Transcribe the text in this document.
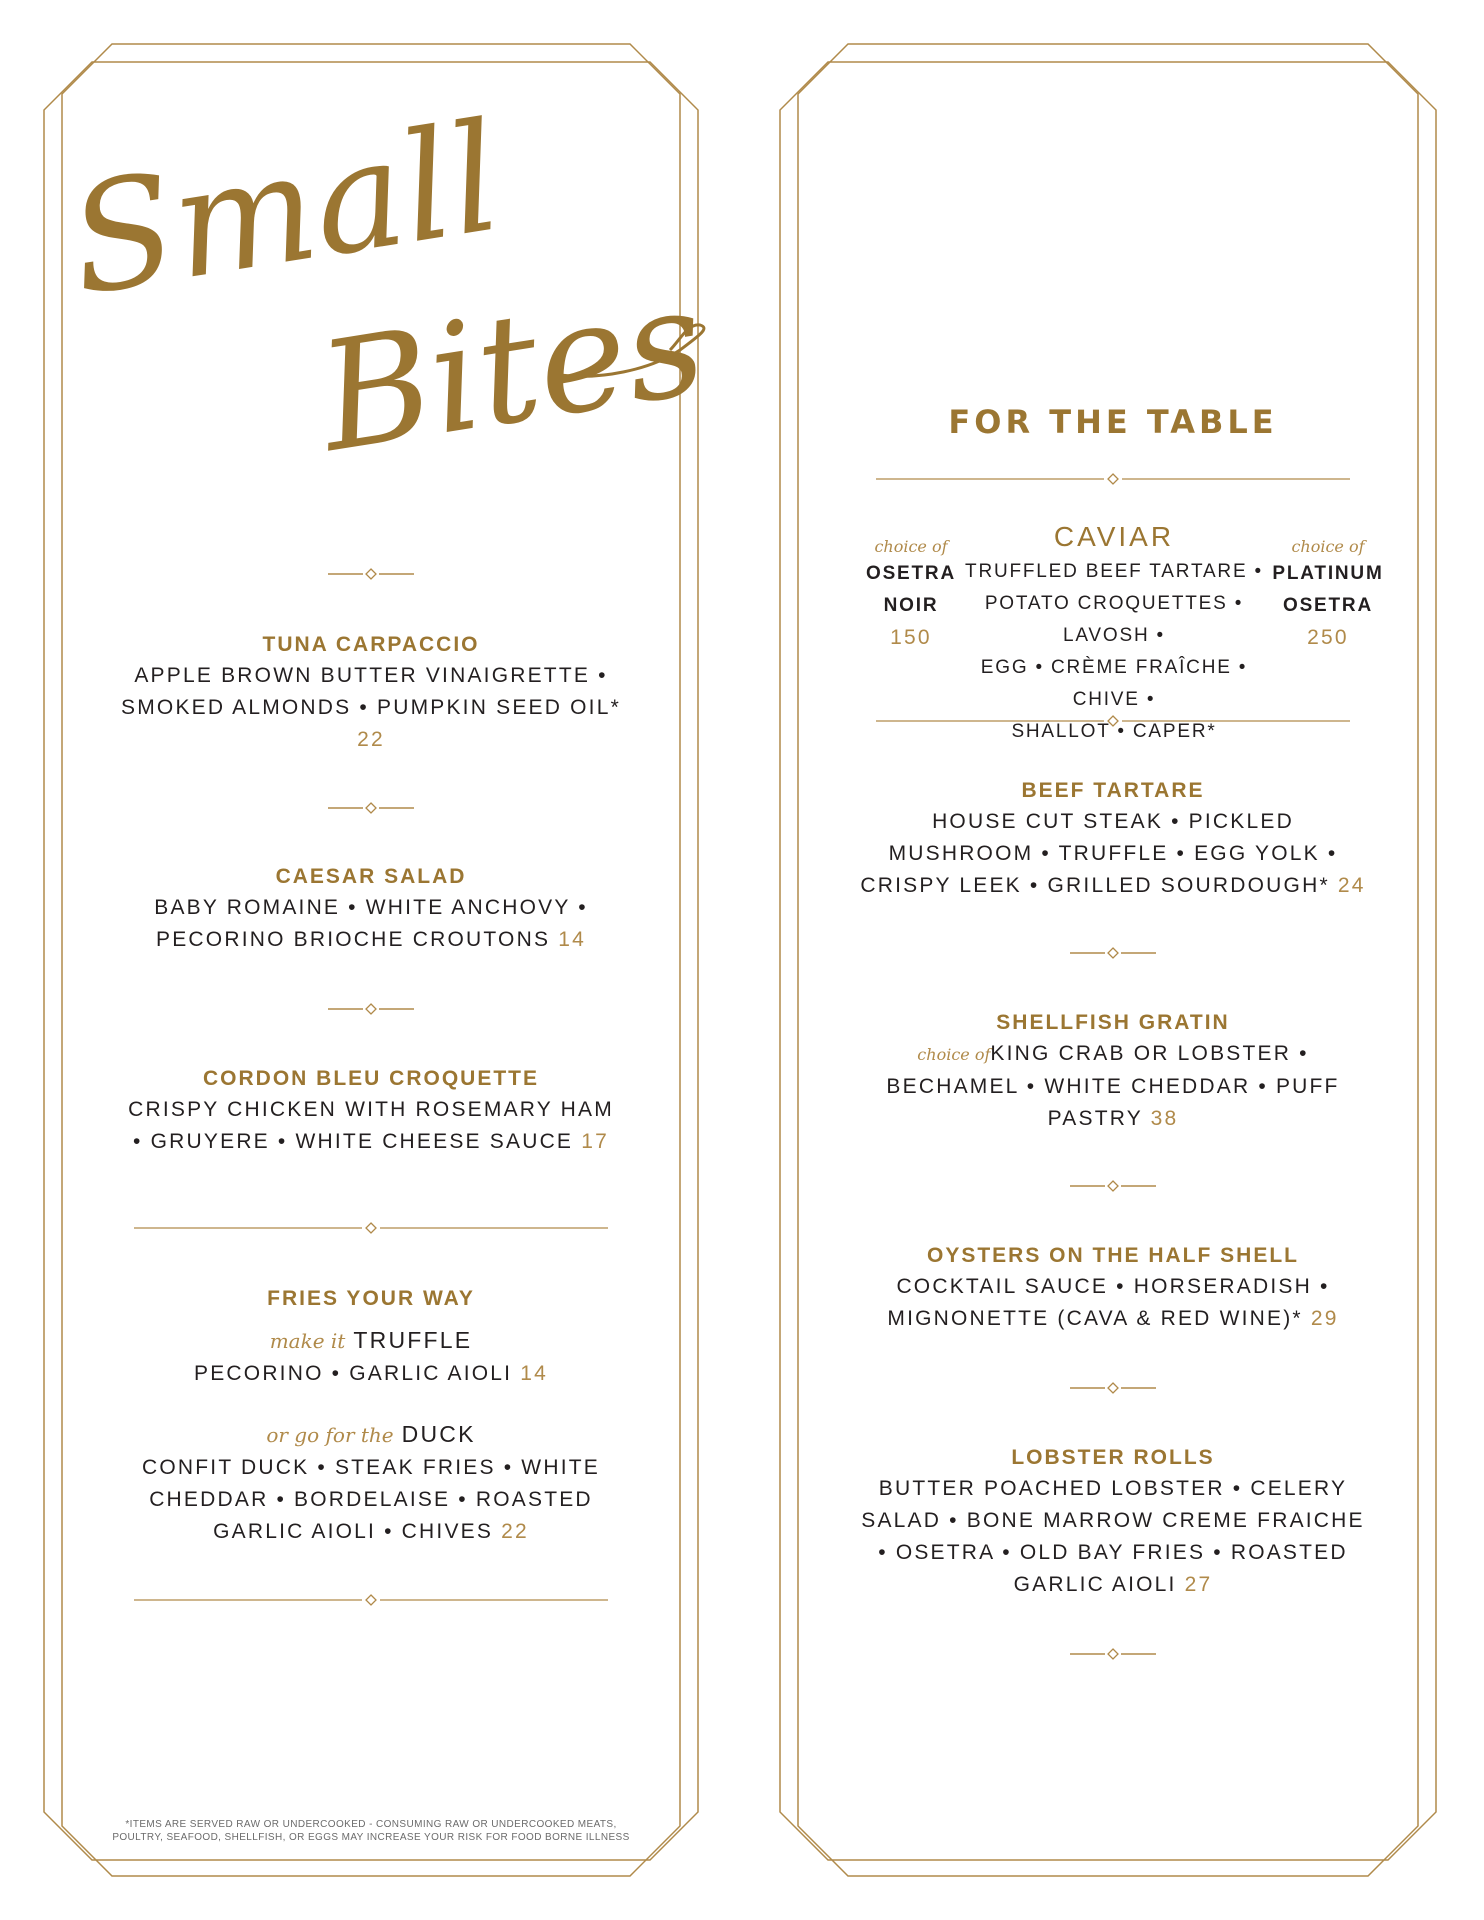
Small
Bites

TUNA CARPACCIO

APPLE BROWN BUTTER VINAIGRETTE •

SMOKED ALMONDS • PUMPKIN SEED OIL*

22

CAESAR SALAD

BABY ROMAINE • WHITE ANCHOVY •

PECORINO BRIOCHE CROUTONS 14

CORDON BLEU CROQUETTE

CRISPY CHICKEN WITH ROSEMARY HAM

• GRUYERE • WHITE CHEESE SAUCE 17

FRIES YOUR WAY

make it TRUFFLE

PECORINO • GARLIC AIOLI 14

or go for the DUCK

CONFIT DUCK • STEAK FRIES • WHITE

CHEDDAR • BORDELAISE • ROASTED

GARLIC AIOLI • CHIVES 22

*ITEMS ARE SERVED RAW OR UNDERCOOKED - CONSUMING RAW OR UNDERCOOKED MEATS,
POULTRY, SEAFOOD, SHELLFISH, OR EGGS MAY INCREASE YOUR RISK FOR FOOD BORNE ILLNESS
FOR THE TABLE
choice of
OSETRA
NOIR
150

CAVIAR

TRUFFLED BEEF TARTARE •
POTATO CROQUETTES • LAVOSH •
EGG • CRÈME FRAÎCHE • CHIVE •
SHALLOT • CAPER*
choice of
PLATINUM
OSETRA
250

BEEF TARTARE

HOUSE CUT STEAK • PICKLED

MUSHROOM • TRUFFLE • EGG YOLK •

CRISPY LEEK • GRILLED SOURDOUGH* 24

SHELLFISH GRATIN

choice ofKING CRAB OR LOBSTER •

BECHAMEL • WHITE CHEDDAR • PUFF

PASTRY 38

OYSTERS ON THE HALF SHELL

COCKTAIL SAUCE • HORSERADISH •

MIGNONETTE (CAVA & RED WINE)* 29

LOBSTER ROLLS

BUTTER POACHED LOBSTER • CELERY

SALAD • BONE MARROW CREME FRAICHE

• OSETRA • OLD BAY FRIES • ROASTED

GARLIC AIOLI 27
